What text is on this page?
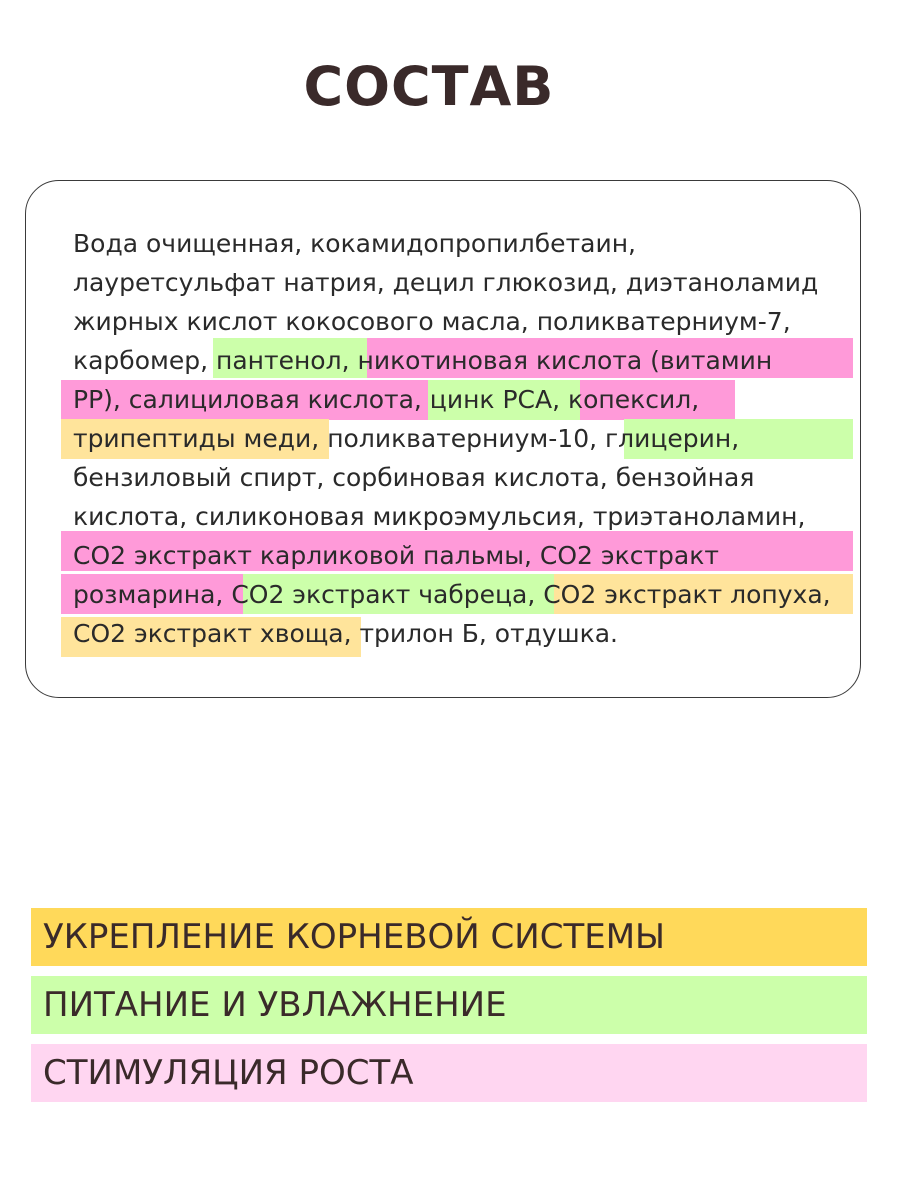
СОСТАВ
Вода очищенная, кокамидопропилбетаин,
лауретсульфат натрия, децил глюкозид, диэтаноламид
жирных кислот кокосового масла, поликватерниум-7,
карбомер, пантенол, никотиновая кислота (витамин
PP), салициловая кислота, цинк PCA, копексил,
трипептиды меди, поликватерниум-10, глицерин,
бензиловый спирт, сорбиновая кислота, бензойная
кислота, силиконовая микроэмульсия, триэтаноламин,
CO2 экстракт карликовой пальмы, CO2 экстракт
розмарина, CO2 экстракт чабреца, CO2 экстракт лопуха,
CO2 экстракт хвоща, трилон Б, отдушка.
УКРЕПЛЕНИЕ КОРНЕВОЙ СИСТЕМЫ
ПИТАНИЕ И УВЛАЖНЕНИЕ
СТИМУЛЯЦИЯ РОСТА
